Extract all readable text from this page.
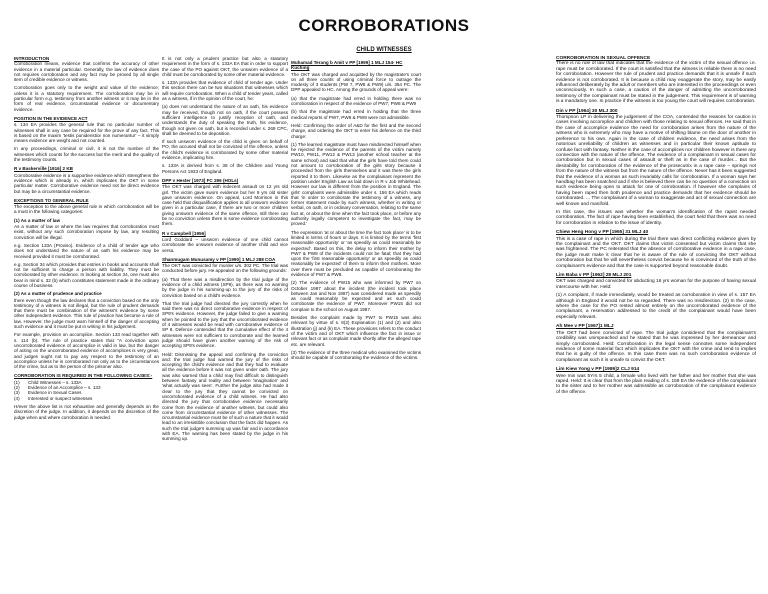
CORROBORATIONS
CHILD WITNESSES
INTRODUCTION

Corroboration means, evidence that confirms the accuracy of other evidence in a material particular. Generally, the law of evidence does not requires corroboration and any fact may be proved by all single item of credible evidence or witness.

Corroboration goes only to the weight and value of the evidence; unless it is a statutory requirement. The corroboration may be in particular form e.g. testimony from another witness or it may be in the form of real evidence, circumstantial evidence or documentary evidence.

POSITION IN THE EVIDENCE ACT

s. 134 EA provides the general rule that no particular number of witnesses shall in any case be required for the prove of any fact. This is based on the maxim 'testis punidenstior non numerantur' – it simply means evidence are weight and not counted.

In any proceedings, criminal or civil, it is not the number of the witnesses which counts for the success but the merit and the quality of the testimony counts.

R v Baskerville [1916] 2 KB

Corroborative evidence is a supportive evidence which strengthens the evidence which is already in, which implicates the OKT in some particular matter. Corroborative evidence need not be direct evidence but may be a circumstantial evidence.

EXCEPTIONS TO GENERAL RULE

The exception to the above general rule in which corroboration will be a must in the following categories:

(1) As a matter of law

As a matter of law or where the law requires that corroboration must exist, without any such corroboration impose by law, any resulting conviction will be illegal.

e.g. Section 133A (Proviso). Evidence of a child of tender age who does not understand the nature of an oath his evidence may be received provided it must be corroborated.

e.g. Section 34 which provides that entries in books and accounts shall not be sufficient to charge a person with liability. They must be corroborated by other evidence. In looking at section 34, one must also bear in mind s. 32 (b) which constitutes statement made in the ordinary course of business.

(2) As a matter of prudence and practice

there even though the law declares that a conviction based on the only testimony of a witness is not illegal, but the rule of prudent demands that there must be combination of the witness's evidence by some other independent evidence. This rule of practice has become a rule of law. However, the judge must warn himself of the danger of accepting such evidence and it must be put in writing in his judgement.

For example, provision on accomplice. Section 133 read together with s. 114 (b). The rule of practice states that "A conviction upon uncorroborated evidence of accomplice is valid in law, but the danger of acting on the uncorroborated evidence of accomplices is very great, and judges ought not to pay any respect to the testimony of an accomplice unless he is corroborated not only as to the circumstances of the crime, but as to the person of the prisoner also.

CORROBORATION IS REQUIRED IN THE FOLLOWING CASES:-
(1)	Child Witnesses – s. 133A
(2)	Evidence of an Accomplice – s. 133
(3)	Evidence in Sexual Cases
(4)	Interested or suspect witnesses

H/ever the above list is not exhaustive and generally depends on the discretion of the judge. In addition, it depends on the discretion of the judge when and where corroboration is needed.

It is not only a prudent practice but also a statutory requirement in the form of s. 133A EA that in order to support the case of the PO against OKT, the unsworn evidence of a child must be corroborated by some other material evidence.

s. 133A provides that evidence of child of tender age. Under this section there can be two situations that witnesses which will require corroboration. When a child of tender years, called as a witness, if in the opinion of the court, he:

(a) does not understand the nature of an oath, his evidence may be received, though not on oath, if the court possess sufficient intelligence to justify reception of oath, and understands the duty of speaking the truth, his evidence, though not given on oath, but is recorded under s. 269 CPC, shall be deemed to be deposition.

If such unsworn evidence of the child is given on behalf of PO, the accused shall not be convicted of the offence, unless the child's evidence is corroborated by some other material evidence, implicating him.

s. 133A is derived from s. 38 of the Children and Young Persons Act 1933 of England.

DPP v Hester [1973] FC 296 (HOLs)

The OKT was charged with indecent assault on 12 yrs old girl. The victim gave sworn evidence but her 9 yrs old sister gave unsworn evidence. On appeal, Lord Morrison in this case held that disqualification applies to all unsworn evidence given in a particular case, if there are two or more children giving unsworn evidence of the same offence, still there can be no conviction unless there is some evidence corroborating them.

R v Campbell [1956]

Lord Goddard – unsworn evidence of one child cannot corroborate the unsworn evidence of another child and vice versa.

Shanmugam Munusamy v PP [1990] 1 MLJ 288 COA

The OKT was convicted for murder u/s. 302 PC. The trial was conducted before jury. He appealed on the following grounds:

(a) That there was a misdirection by the trial judge of the evidence of a child witness (SP9), as there was no warning by the judge in his summing-up to the jury of the risks of conviction based on a child's evidence.

That the trial judge had directed the jury correctly when he said there was no direct corroborative evidence in respect of SP9's evidence. However, the judge failed to give a warning when he pointed to the jury that the uncorroborated evidence of 4 witnesses would be read with corroborative evidence of SP 8. Defence contended that the cumulative effect of the 4 witnesses were not sufficient to corroborate and the learned judge should have given another warning of the risk of accepting SP9's evidence.

Held: Dismissing the appeal and confirming the conviction and: the trial judge had warned the jury of the risks of accepting the child's evidence and that they had to evaluate all the evidence before it was not given under oath. The jury was also warned that a child may find difficult to distinguish between fantasy and reality and between 'imagination' and 'what actually was seen'. Further the judge also had made it clear to the jury that they cannot be convicted on uncorroborated evidence of a child witness. He had also directed the jury that corroborative evidence necessarily come from the evidence of another witness, but could also come from circumstantial evidence of other witnesses. The circumstantial evidence must be of such a nature that it would lead to an irresistible conclusion that the facts did happen. As such the trial judge's summing up was fair and in accordance with EA. The warning has been stated by the judge in his summing up.

Muhamad Terang b Amit v PP [1999] 1 MLJ 154- HC Kuching

The OKT was charged and acquitted by the magistrate's court on all three counts of using criminal force to outrage the modesty of 3 students (PW 7, PW8 & PW9) u/s. 354 PC. The DPP appealed to HC. Among the grounds of appeal were:

(a) that the magistrate had erred in holding there was no corroboration in respect of the evidence of PW7, PW8 & PW9

(b) that the magistrate had erred in holding that the three medical reports of PW7, PW8 & PW9 were not admissible.

Held: Confirming the order of A&D for the first and the second charge, and ordering the OKT to enter his defence on the third charge:

(1) The learned magistrate must have misdirected himself when he rejected the evidence of the parents of the victim namely PW10, PW11, PW12 & PW13 (another school teacher at the same school) and said that what the girls have told them could not amount to corroboration of the girls story because it proceeded from the girls themselves and it was there the girls reported it to them. Likewise as the complainant represent the position under English Law as laid down in R v Job Whitehead. However our law is different from the position in England. The girls' complaints were admissible under s. 156 EA which reads that 'in order to corroborate the testimony of a witness, any former statement made by such witness, whether in writing or verbal, on oath, or in ordinary conversation, relating to the same fact at, or about the time when the fact took place, or before any authority legally competent to investigate the fact, may be proved.'

The expression 'at or about the time the fact took place' is to be limited in terms of hours or days. It is limited by the terms 'first reasonable opportunity' or 'as speedily as could reasonably be expected'. Based on this, the delay to inform their mother by PW7 & PW8 of the incidents could not be fatal; that they had upon the 'first reasonable opportunity' or as speedily as could reasonably be expected' of them to inform their mothers. More over there must be precluded as capable of corroborating the evidence of PW7 & PW8.

(2) The evidence of PW15 who was informed by PW7 on October 1987 about the incident (the incident took place between Jan and Nov 1987) was considered made as speedily as could reasonably be expected and as such could corroborate the evidence of PW7. Moreover PW15 did not complain to the school on August 1987.

Besides the complaint made by PW7 to PW15 was also relevant by virtue of s. 8(2) Explanation (1) and (2) and also illustration (j) and (k) EA. These provisions refers to the conduct of the victim and of OKT which influence the fact in issue or relevant fact or as complaint made shortly after the alleged rape etc. are relevant.

(3) The evidence of the three medical who examined the victims should be capable of corroborating the evidence of the victims.

CORROBORATION IN SEXUAL OFFENCE

There is no rule of law that indicates that the evidence of the victim of the sexual offence i.e. rape must be corroborated. If the court is satisfied that the witness is reliable there is no need for corroboration. However the rule of prudent and practice demands that it is unsafe if such evidence is not corroborated. It is because a child may exaggerate the story, may be easily influenced deliberately by the adult or members who are interested in the proceedings or even unconsciously. In such a case, a caution of the danger of admitting the uncorroborated testimony of the complainant must be stated in the judgement. This requirement is of warning is a mandatory one. In practice if the witness is too young the court will requires corroboration.

Din v PP [1964] 30 MLJ 300

Thompson LP in delivering the judgement of the COA, contended the reasons for caution in cases involving accomplice and children with those relating to sexual offences. He said that in the case of accomplice evidence the need for corroboration arises from the nature of the witness who is extremely who may have a motive of shifting blame on the door of another in preference to his own. Again in the case of children evidence, the need arises from the notorious unreliability of children as witnesses and in particular their known aptitude to confuse fact with fantasy. Neither in the case of accomplices nor children however is there any connection with the nature of the offence. The evidence of a complainant in sexual cases for corroboration but in sexual cases of assault or theft as in the case of murder... But the desirability for corroboration of the evidence of the prosecutrix in a rape case – springs not from the nature of the witness but from the nature of the offence. Never has it been suggested that the evidence of a woman as such invariably calls for corroboration. If a woman says her handbag has been snatched and if she is believed there can be no question of a conviction on such evidence being open to attack for one of corroboration. If however she complains of having been raped then both prudence and practice demands that her evidence should be corroborated. ... The complainant of a woman to exaggerate and act of sexual connection are well known and manifold.

In this case, the issues was whether the woman's identification of the rapist needed corroboration. The fact of rape having been established, the court held that there was no need for corroboration in relation to the issue of identity.

Chiew Heng Hong v PP [1965] 31 MLJ 40

This is a case of rape in which during the trial there was direct conflicting evidence given by the complainant and the OKT. OKT claims that victim consented but victim claims that she was frightened. The PC reiterated that the absence of corroborative evidence in a rape case, the judge must make it clear that he is aware of the rule of convicting the OKT without corroboration but that he will nevertheless convict because he is convinced of the truth of the complainant's evidence and that the case is supported beyond reasonable doubt.

Lim Baba v PP [1962] 28 MLJ 201

OKT was charged and convicted for abducting 16 yrs woman for the purpose of having sexual intercourse with her. Held:

(1) A complaint, if made immediately, would be treated as corroboration in view of s. 157 EA although in England it would not be so regarded. There was no misdirection. (2) In the case, where the case for the PO rested almost entirely on the uncorroborated evidence of the complainant, a reservation addressed to the credit of the complainant would have been especially relevant.

Ah Mee v PP [1967]1 MLJ

The OKT had been convicted of rape. The trial judge considered that the complainant's credibility was unimpeached and he stated that he was impressed by her demeanour and simply corroborated. Held: Corroboration in the legal sense connotes some independent evidence of some material fact which implicates the OKT with the crime and tend to implies that he is guilty of the offence. In this case there was no such corroboration evidence of complainant as such it is unsafe to convict the OKT.

Lim Kiew Yong v PP [1989]2 CLJ 914

Wee min was 5Yrs 5 child, a female who lived with her father and her mother that she was raped. Held: It is clear that from the plain reading of s. 159 EA the evidence of the complainant to the sister and to her mother was admissible as corroboration of the complainant evidence of the offence.
